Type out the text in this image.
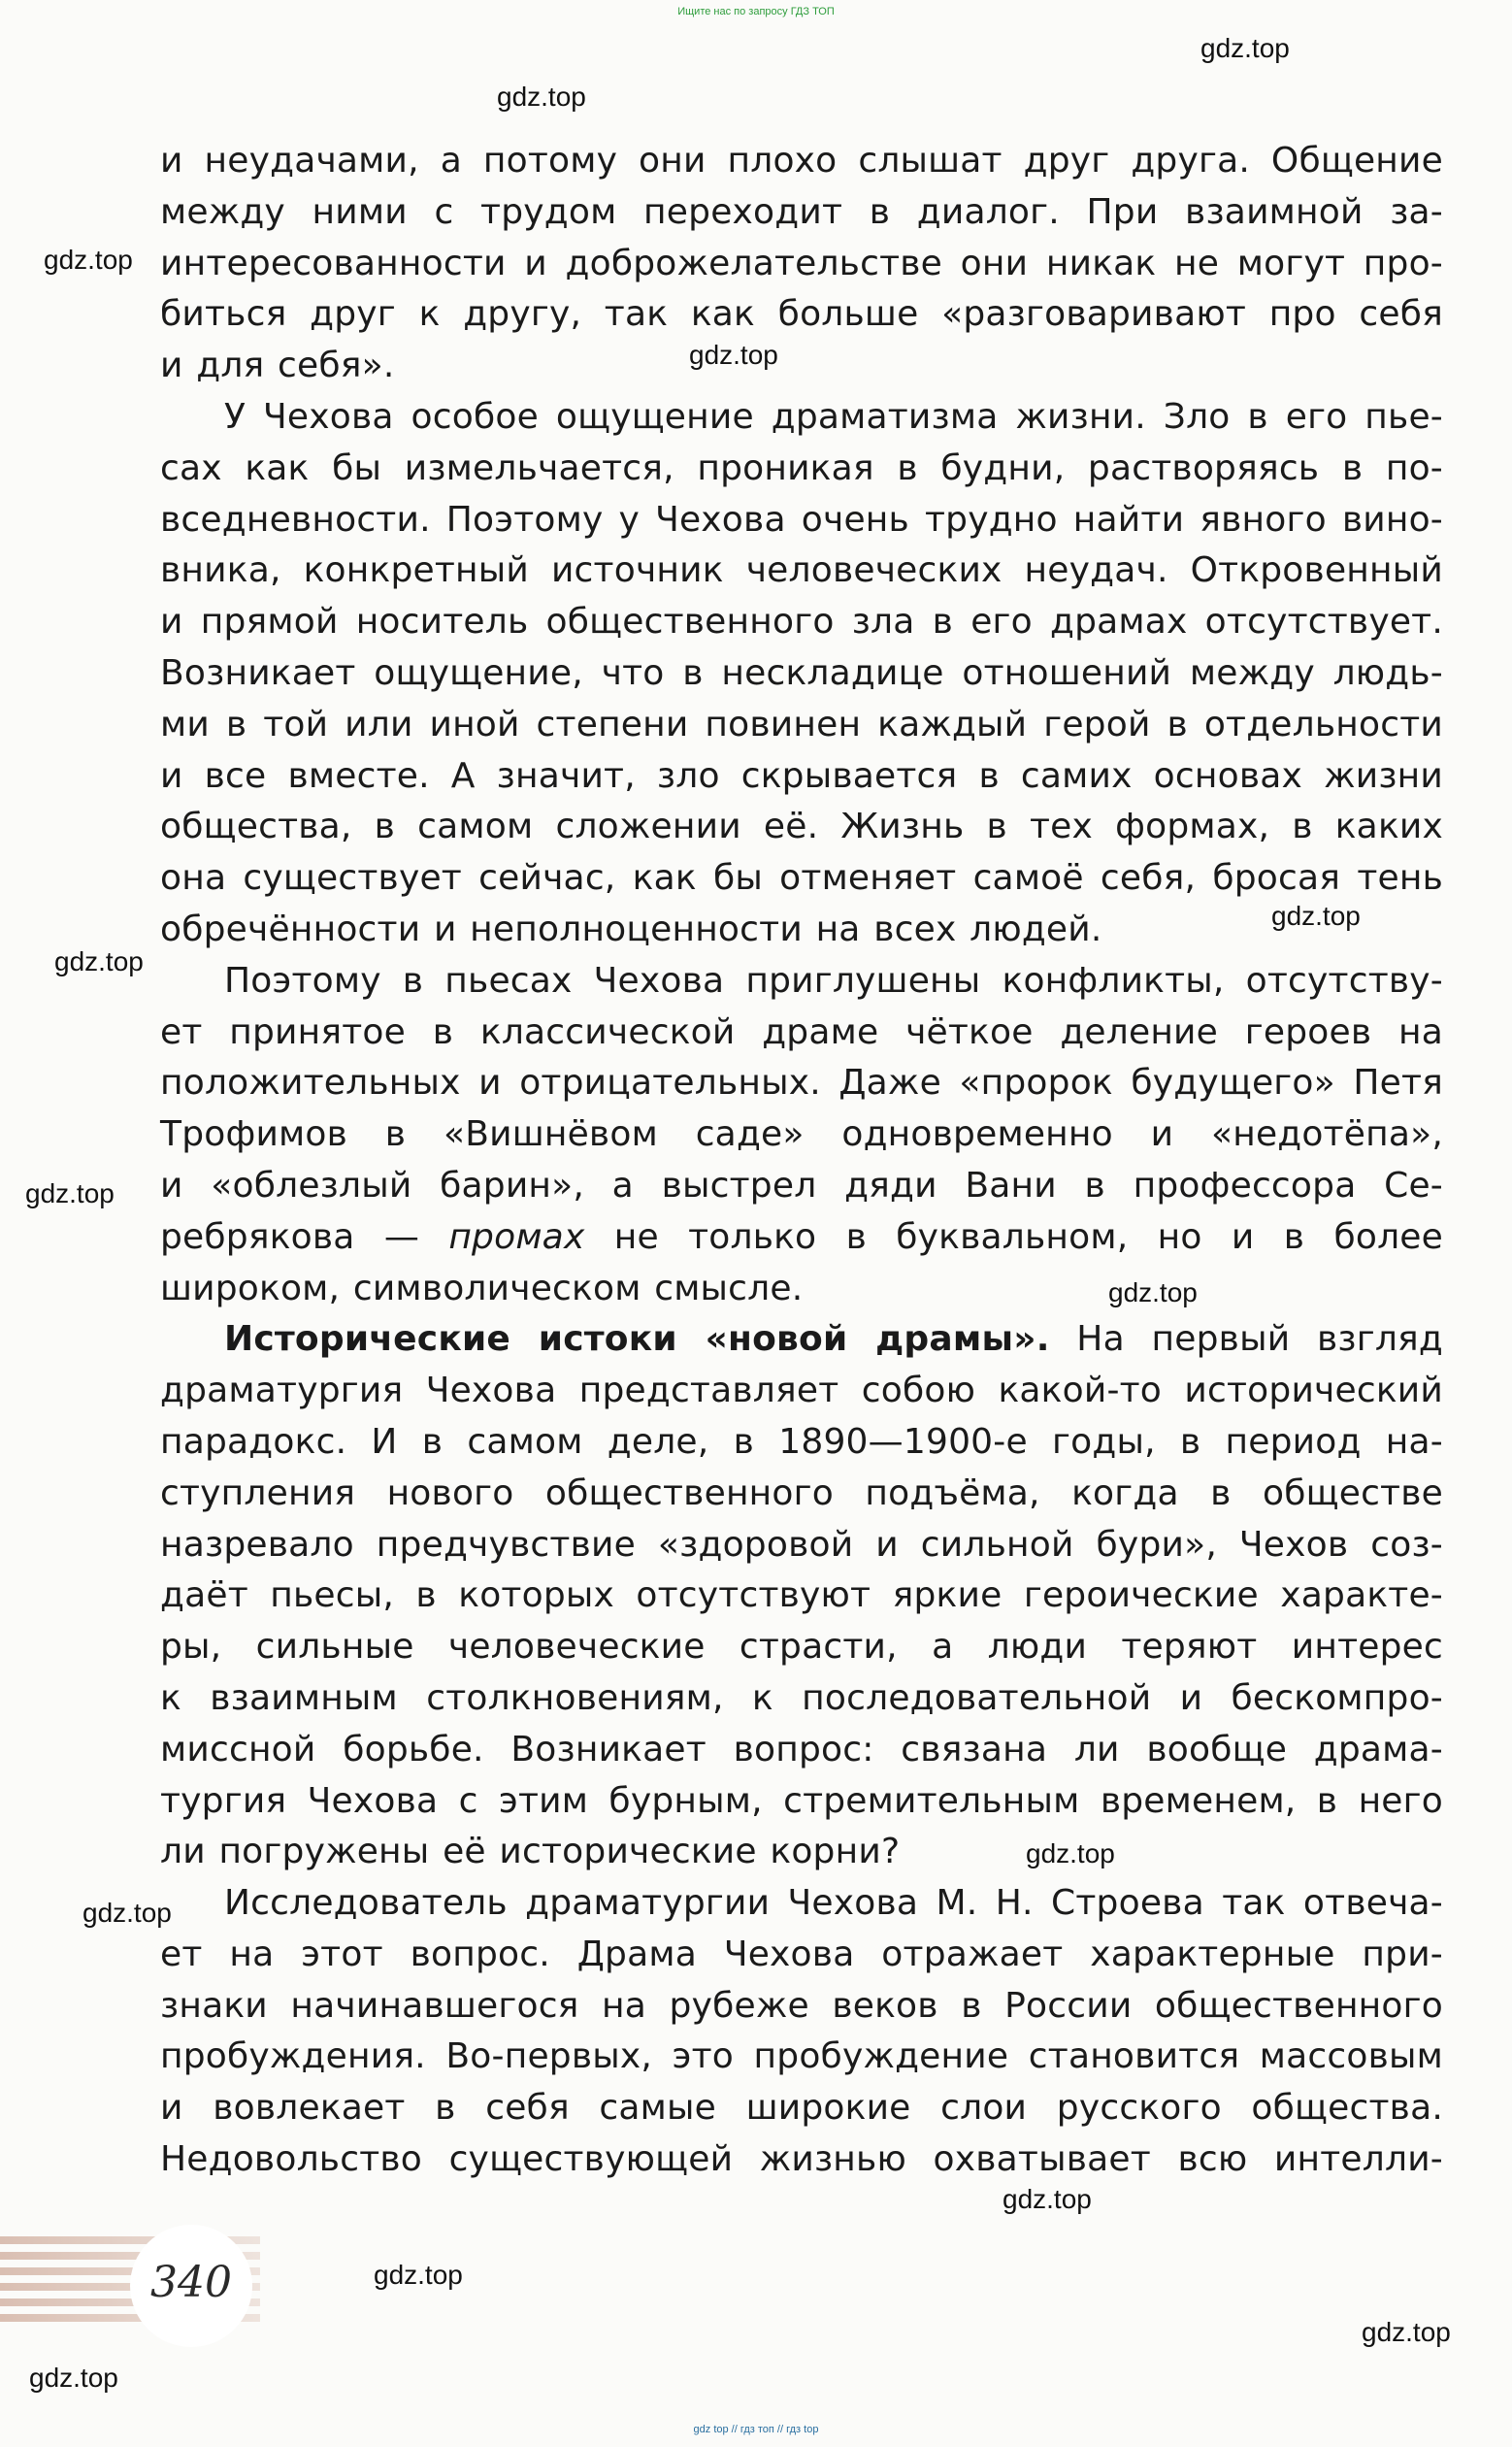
Ищите нас по запросу ГДЗ ТОП
gdz.top
gdz.top
gdz.top
gdz.top
gdz.top
gdz.top
gdz.top
gdz.top
gdz.top
gdz.top
gdz.top
gdz.top
gdz.top
gdz.top

и неудачами, а потому они плохо слышат друг друга. Общение

между ними с трудом переходит в диалог. При взаимной за-

интересованности и доброжелательстве они никак не могут про-

биться друг к другу, так как больше «разговаривают про себя

и для себя».

У Чехова особое ощущение драматизма жизни. Зло в его пье-

сах как бы измельчается, проникая в будни, растворяясь в по-

вседневности. Поэтому у Чехова очень трудно найти явного вино-

вника, конкретный источник человеческих неудач. Откровенный

и прямой носитель общественного зла в его драмах отсутствует.

Возникает ощущение, что в нескладице отношений между людь-

ми в той или иной степени повинен каждый герой в отдельности

и все вместе. А значит, зло скрывается в самих основах жизни

общества, в самом сложении её. Жизнь в тех формах, в каких

она существует сейчас, как бы отменяет самоё себя, бросая тень

обречённости и неполноценности на всех людей.

Поэтому в пьесах Чехова приглушены конфликты, отсутству-

ет принятое в классической драме чёткое деление героев на

положительных и отрицательных. Даже «пророк будущего» Петя

Трофимов в «Вишнёвом саде» одновременно и «недотёпа»,

и «облезлый барин», а выстрел дяди Вани в профессора Се-

ребрякова — промах не только в буквальном, но и в более

широком, символическом смысле.

Исторические истоки «новой драмы». На первый взгляд

драматургия Чехова представляет собою какой-то исторический

парадокс. И в самом деле, в 1890—1900-е годы, в период на-

ступления нового общественного подъёма, когда в обществе

назревало предчувствие «здоровой и сильной бури», Чехов соз-

даёт пьесы, в которых отсутствуют яркие героические характе-

ры, сильные человеческие страсти, а люди теряют интерес

к взаимным столкновениям, к последовательной и бескомпро-

миссной борьбе. Возникает вопрос: связана ли вообще драма-

тургия Чехова с этим бурным, стремительным временем, в него

ли погружены её исторические корни?

Исследователь драматургии Чехова М. Н. Строева так отвеча-

ет на этот вопрос. Драма Чехова отражает характерные при-

знаки начинавшегося на рубеже веков в России общественного

пробуждения. Во-первых, это пробуждение становится массовым

и вовлекает в себя самые широкие слои русского общества.

Недовольство существующей жизнью охватывает всю интелли-

340
gdz top // гдз топ // гдз top
